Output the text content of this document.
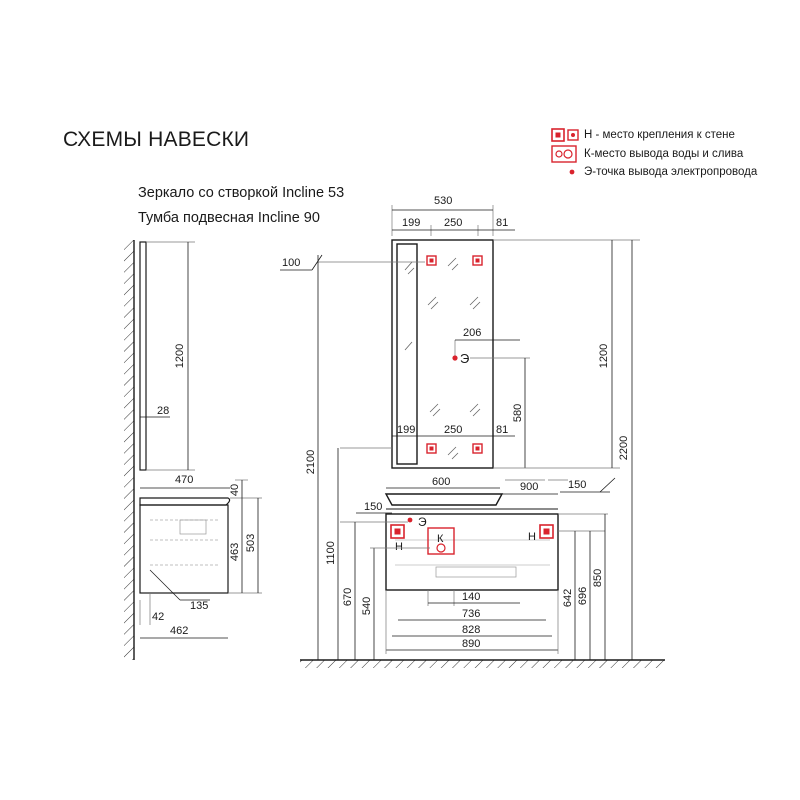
СХЕМЫ НАВЕСКИ
Зеркало со створкой Incline 53
Тумба подвесная Incline 90
Н - место крепления к стене
К-место вывода воды и слива
Э-точка вывода электропровода
1200
28
470
40
463 503
135
42
462
530
199 250	81
199	250	81
100
206
Э
580
1200
2200
2100
600	900	150
150
Н
Н
Э
К
1100
670 540	140
736
828
890
642 696
850
